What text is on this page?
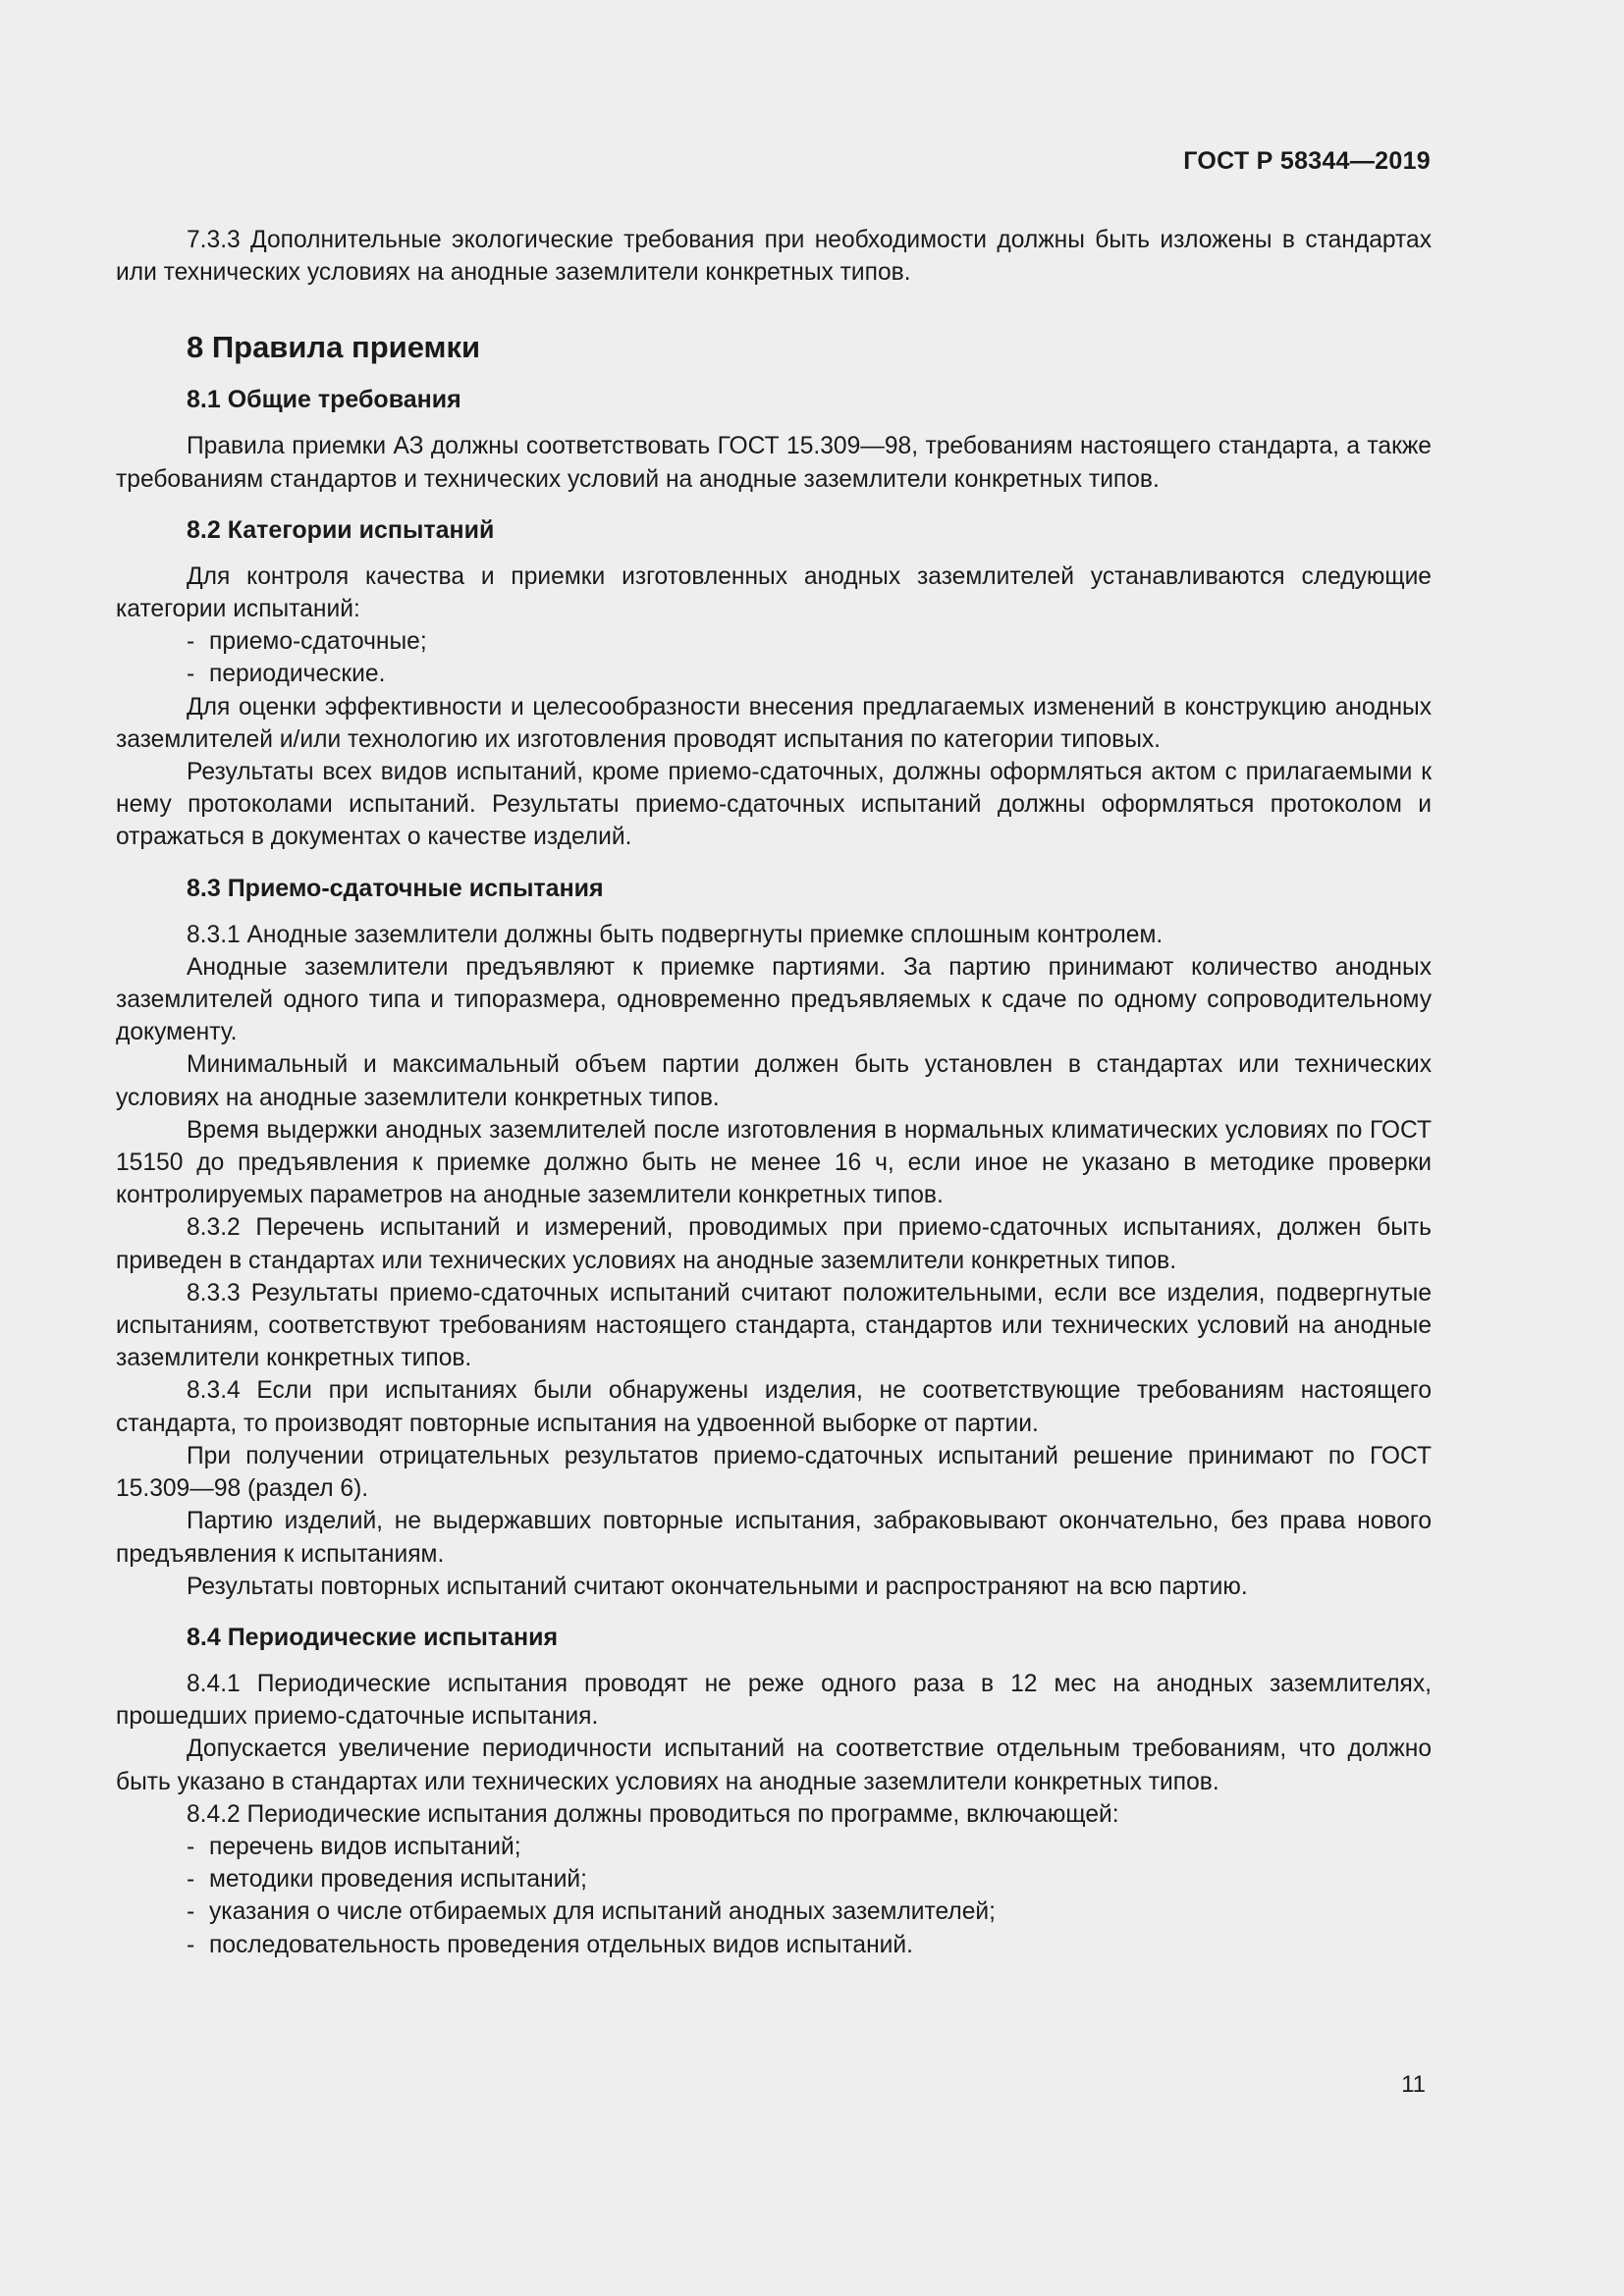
ГОСТ Р 58344—2019

7.3.3 Дополнительные экологические требования при необходимости должны быть изложены в стандартах или технических условиях на анодные заземлители конкретных типов.

8 Правила приемки
8.1 Общие требования

Правила приемки АЗ должны соответствовать ГОСТ 15.309—98, требованиям настоящего стандарта, а также требованиям стандартов и технических условий на анодные заземлители конкретных типов.

8.2 Категории испытаний

Для контроля качества и приемки изготовленных анодных заземлителей устанавливаются следующие категории испытаний:

- приемо-сдаточные;
- периодические.

Для оценки эффективности и целесообразности внесения предлагаемых изменений в конструкцию анодных заземлителей и/или технологию их изготовления проводят испытания по категории типовых.

Результаты всех видов испытаний, кроме приемо-сдаточных, должны оформляться актом с прилагаемыми к нему протоколами испытаний. Результаты приемо-сдаточных испытаний должны оформляться протоколом и отражаться в документах о качестве изделий.

8.3 Приемо-сдаточные испытания

8.3.1 Анодные заземлители должны быть подвергнуты приемке сплошным контролем.

Анодные заземлители предъявляют к приемке партиями. За партию принимают количество анодных заземлителей одного типа и типоразмера, одновременно предъявляемых к сдаче по одному сопроводительному документу.

Минимальный и максимальный объем партии должен быть установлен в стандартах или технических условиях на анодные заземлители конкретных типов.

Время выдержки анодных заземлителей после изготовления в нормальных климатических условиях по ГОСТ 15150 до предъявления к приемке должно быть не менее 16 ч, если иное не указано в методике проверки контролируемых параметров на анодные заземлители конкретных типов.

8.3.2 Перечень испытаний и измерений, проводимых при приемо-сдаточных испытаниях, должен быть приведен в стандартах или технических условиях на анодные заземлители конкретных типов.

8.3.3 Результаты приемо-сдаточных испытаний считают положительными, если все изделия, подвергнутые испытаниям, соответствуют требованиям настоящего стандарта, стандартов или технических условий на анодные заземлители конкретных типов.

8.3.4 Если при испытаниях были обнаружены изделия, не соответствующие требованиям настоящего стандарта, то производят повторные испытания на удвоенной выборке от партии.

При получении отрицательных результатов приемо-сдаточных испытаний решение принимают по ГОСТ 15.309—98 (раздел 6).

Партию изделий, не выдержавших повторные испытания, забраковывают окончательно, без права нового предъявления к испытаниям.

Результаты повторных испытаний считают окончательными и распространяют на всю партию.

8.4 Периодические испытания

8.4.1 Периодические испытания проводят не реже одного раза в 12 мес на анодных заземлителях, прошедших приемо-сдаточные испытания.

Допускается увеличение периодичности испытаний на соответствие отдельным требованиям, что должно быть указано в стандартах или технических условиях на анодные заземлители конкретных типов.

8.4.2 Периодические испытания должны проводиться по программе, включающей:

- перечень видов испытаний;
- методики проведения испытаний;
- указания о числе отбираемых для испытаний анодных заземлителей;
- последовательность проведения отдельных видов испытаний.
11
